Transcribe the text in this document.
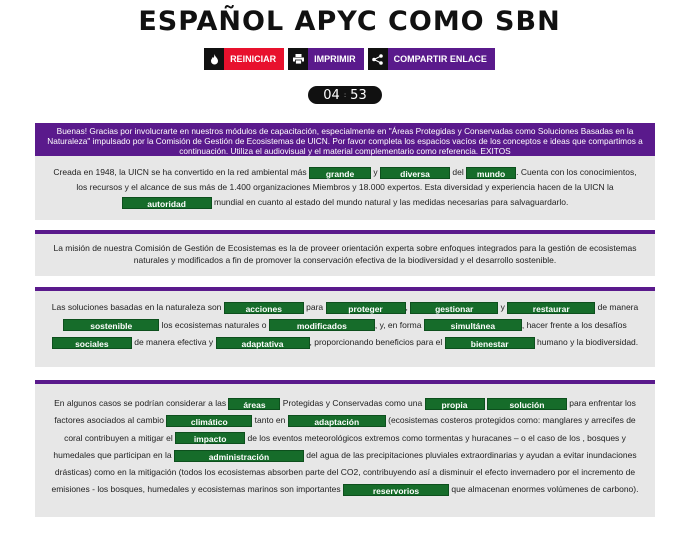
ESPAÑOL APYC COMO SBN
REINICIAR	IMPRIMIR	COMPARTIR ENLACE
04 : 53
Buenas! Gracias por involucrarte en nuestros módulos de capacitación, especialmente en "Áreas Protegidas y Conservadas como Soluciones Basadas en la Naturaleza" impulsado por la Comisión de Gestión de Ecosistemas de UICN. Por favor completa los espacios vacíos de los conceptos e ideas que compartimos a continuación. Utiliza el audiovisual y el material complementario como referencia. EXITOS
Creada en 1948, la UICN se ha convertido en la red ambiental más grande y diversa del mundo . Cuenta con los conocimientos, los recursos y el alcance de sus más de 1.400 organizaciones Miembros y 18.000 expertos. Esta diversidad y experiencia hacen de la UICN la autoridad	mundial en cuanto al estado del mundo natural y las medidas necesarias para salvaguardarlo.
La misión de nuestra Comisión de Gestión de Ecosistemas es la de proveer orientación experta sobre enfoques integrados para la gestión de ecosistemas naturales y modificados a fin de promover la conservación efectiva de la biodiversidad y el desarrollo sostenible.
Las soluciones basadas en la naturaleza son	acciones	para	proteger	,	gestionar	y	restaurar	de manera sostenible	los ecosistemas naturales o	modificados	, y, en forma	simultánea	, hacer frente a los desafíos sociales	de manera efectiva y	adaptativa	, proporcionando beneficios para el	bienestar	humano y la biodiversidad.
En algunos casos se podrían considerar a las áreas Protegidas y Conservadas como una propia	solución	para enfrentar los factores asociados al cambio	climático	tanto en	adaptación	(ecosistemas costeros protegidos como: manglares y arrecifes de coral contribuyen a mitigar el impacto de los eventos meteorológicos extremos como tormentas y huracanes – o el caso de los , bosques y humedales que participan en la	administración	del agua de las precipitaciones pluviales extraordinarias y ayudan a evitar inundaciones drásticas) como en la mitigación (todos los ecosistemas absorben parte del CO2, contribuyendo así a disminuir el efecto invernadero por el incremento de emisiones - los bosques, humedales y ecosistemas marinos son importantes	reservorios	que almacenan enormes volúmenes de carbono).
